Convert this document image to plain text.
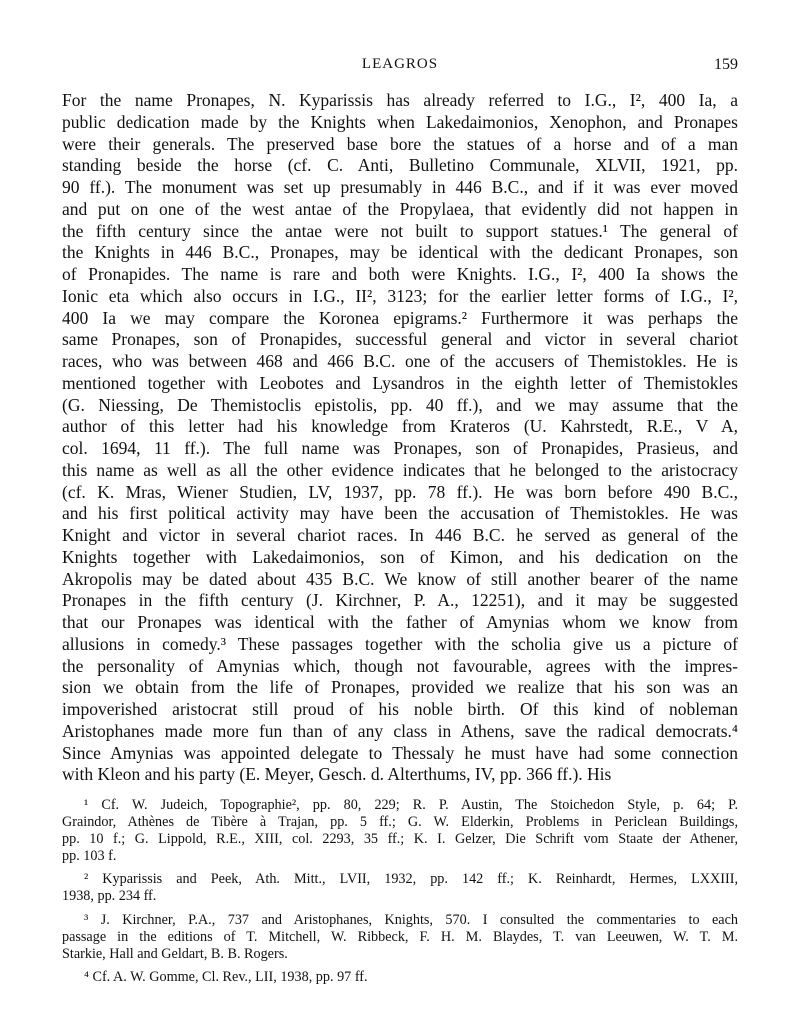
LEAGROS	159
For the name Pronapes, N. Kyparissis has already referred to I.G., I², 400 Ia, a
public dedication made by the Knights when Lakedaimonios, Xenophon, and Pronapes
were their generals. The preserved base bore the statues of a horse and of a man
standing beside the horse (cf. C. Anti, Bulletino Communale, XLVII, 1921, pp.
90 ff.). The monument was set up presumably in 446 B.C., and if it was ever moved
and put on one of the west antae of the Propylaea, that evidently did not happen in
the fifth century since the antae were not built to support statues.¹ The general of
the Knights in 446 B.C., Pronapes, may be identical with the dedicant Pronapes, son
of Pronapides. The name is rare and both were Knights. I.G., I², 400 Ia shows the
Ionic eta which also occurs in I.G., II², 3123; for the earlier letter forms of I.G., I²,
400 Ia we may compare the Koronea epigrams.² Furthermore it was perhaps the
same Pronapes, son of Pronapides, successful general and victor in several chariot
races, who was between 468 and 466 B.C. one of the accusers of Themistokles. He is
mentioned together with Leobotes and Lysandros in the eighth letter of Themistokles
(G. Niessing, De Themistoclis epistolis, pp. 40 ff.), and we may assume that the
author of this letter had his knowledge from Krateros (U. Kahrstedt, R.E., V A,
col. 1694, 11 ff.). The full name was Pronapes, son of Pronapides, Prasieus, and
this name as well as all the other evidence indicates that he belonged to the aristocracy
(cf. K. Mras, Wiener Studien, LV, 1937, pp. 78 ff.). He was born before 490 B.C.,
and his first political activity may have been the accusation of Themistokles. He was
Knight and victor in several chariot races. In 446 B.C. he served as general of the
Knights together with Lakedaimonios, son of Kimon, and his dedication on the
Akropolis may be dated about 435 B.C. We know of still another bearer of the name
Pronapes in the fifth century (J. Kirchner, P. A., 12251), and it may be suggested
that our Pronapes was identical with the father of Amynias whom we know from
allusions in comedy.³ These passages together with the scholia give us a picture of
the personality of Amynias which, though not favourable, agrees with the impres-
sion we obtain from the life of Pronapes, provided we realize that his son was an
impoverished aristocrat still proud of his noble birth. Of this kind of nobleman
Aristophanes made more fun than of any class in Athens, save the radical democrats.⁴
Since Amynias was appointed delegate to Thessaly he must have had some connection
with Kleon and his party (E. Meyer, Gesch. d. Alterthums, IV, pp. 366 ff.). His
¹ Cf. W. Judeich, Topographie², pp. 80, 229; R. P. Austin, The Stoichedon Style, p. 64; P.
Graindor, Athènes de Tibère à Trajan, pp. 5 ff.; G. W. Elderkin, Problems in Periclean Buildings,
pp. 10 f.; G. Lippold, R.E., XIII, col. 2293, 35 ff.; K. I. Gelzer, Die Schrift vom Staate der Athener,
pp. 103 f.
² Kyparissis and Peek, Ath. Mitt., LVII, 1932, pp. 142 ff.; K. Reinhardt, Hermes, LXXIII,
1938, pp. 234 ff.
³ J. Kirchner, P.A., 737 and Aristophanes, Knights, 570. I consulted the commentaries to each
passage in the editions of T. Mitchell, W. Ribbeck, F. H. M. Blaydes, T. van Leeuwen, W. T. M.
Starkie, Hall and Geldart, B. B. Rogers.
⁴ Cf. A. W. Gomme, Cl. Rev., LII, 1938, pp. 97 ff.
